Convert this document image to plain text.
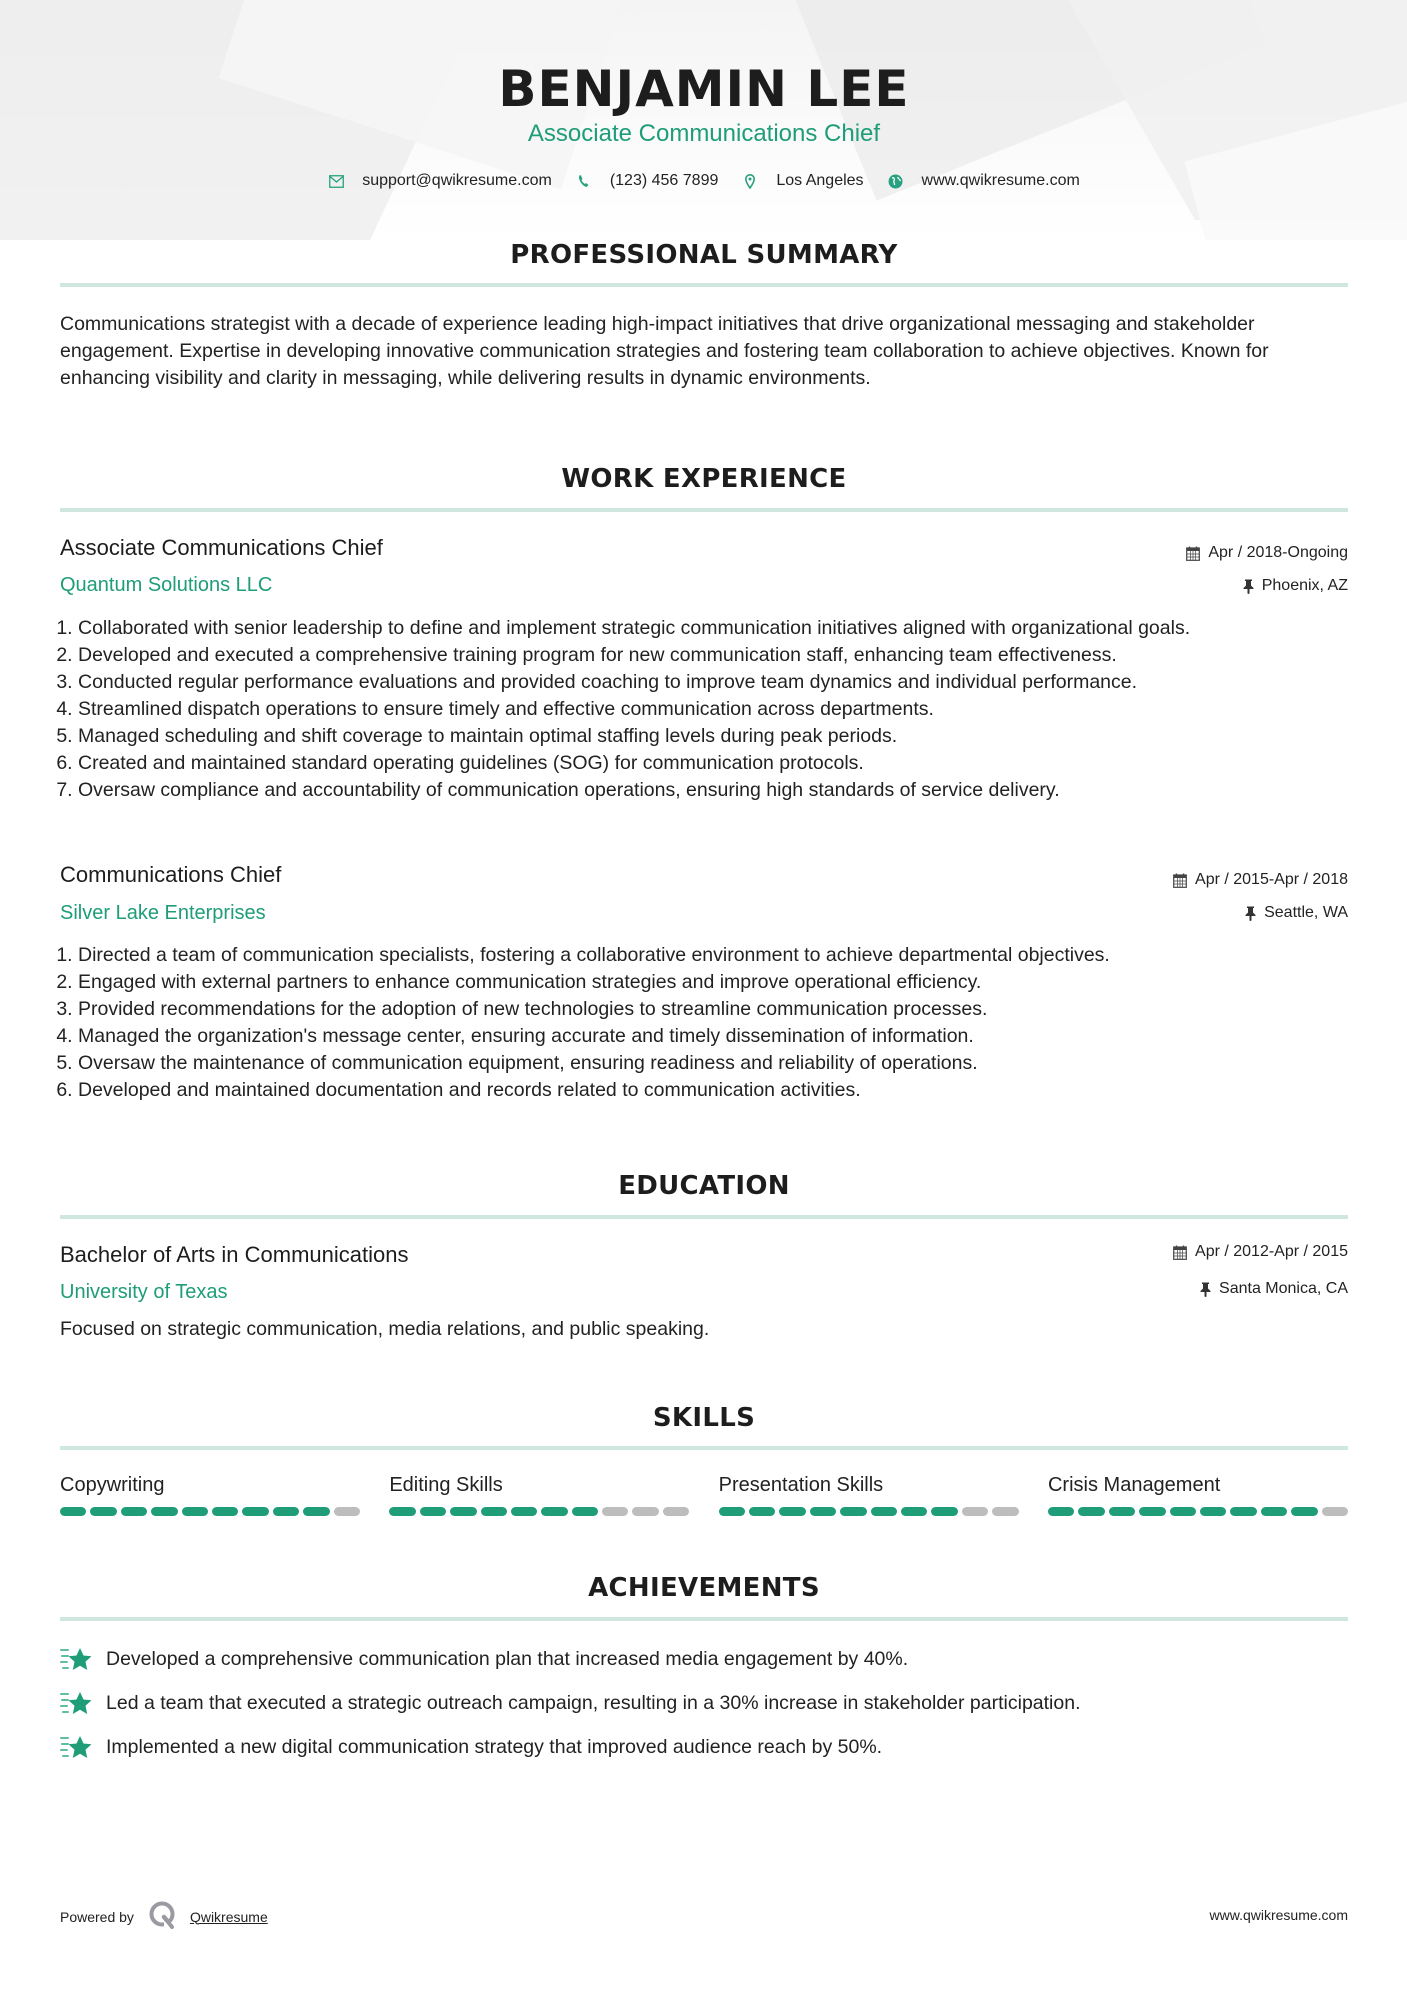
BENJAMIN LEE
Associate Communications Chief
support@qwikresume.com	(123) 456 7899	Los Angeles	www.qwikresume.com
PROFESSIONAL SUMMARY
Communications strategist with a decade of experience leading high-impact initiatives that drive organizational messaging and stakeholder engagement. Expertise in developing innovative communication strategies and fostering team collaboration to achieve objectives. Known for enhancing visibility and clarity in messaging, while delivering results in dynamic environments.
WORK EXPERIENCE
Associate Communications Chief	Apr / 2018-Ongoing
Quantum Solutions LLC	Phoenix, AZ
1. Collaborated with senior leadership to define and implement strategic communication initiatives aligned with organizational goals.
2. Developed and executed a comprehensive training program for new communication staff, enhancing team effectiveness.
3. Conducted regular performance evaluations and provided coaching to improve team dynamics and individual performance.
4. Streamlined dispatch operations to ensure timely and effective communication across departments.
5. Managed scheduling and shift coverage to maintain optimal staffing levels during peak periods.
6. Created and maintained standard operating guidelines (SOG) for communication protocols.
7. Oversaw compliance and accountability of communication operations, ensuring high standards of service delivery.
Communications Chief	Apr / 2015-Apr / 2018
Silver Lake Enterprises	Seattle, WA
1. Directed a team of communication specialists, fostering a collaborative environment to achieve departmental objectives.
2. Engaged with external partners to enhance communication strategies and improve operational efficiency.
3. Provided recommendations for the adoption of new technologies to streamline communication processes.
4. Managed the organization's message center, ensuring accurate and timely dissemination of information.
5. Oversaw the maintenance of communication equipment, ensuring readiness and reliability of operations.
6. Developed and maintained documentation and records related to communication activities.
EDUCATION
Bachelor of Arts in Communications	Apr / 2012-Apr / 2015
University of Texas	Santa Monica, CA
Focused on strategic communication, media relations, and public speaking.
SKILLS
Copywriting	Editing Skills	Presentation Skills	Crisis Management
ACHIEVEMENTS
Developed a comprehensive communication plan that increased media engagement by 40%.
Led a team that executed a strategic outreach campaign, resulting in a 30% increase in stakeholder participation.
Implemented a new digital communication strategy that improved audience reach by 50%.
Powered by	Qwikresume	www.qwikresume.com
